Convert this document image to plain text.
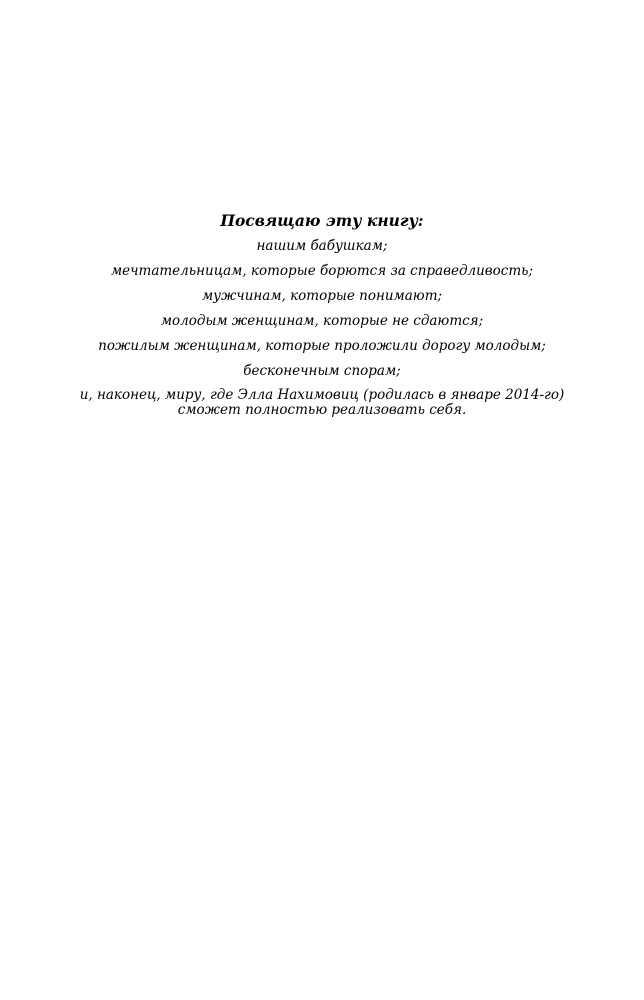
Посвящаю эту книгу:
нашим бабушкам;
мечтательницам, которые борются за справедливость;
мужчинам, которые понимают;
молодым женщинам, которые не сдаются;
пожилым женщинам, которые проложили дорогу молодым;
бесконечным спорам;
и, наконец, миру, где Элла Нахимовиц (родилась в январе 2014-го)
сможет полностью реализовать себя.
